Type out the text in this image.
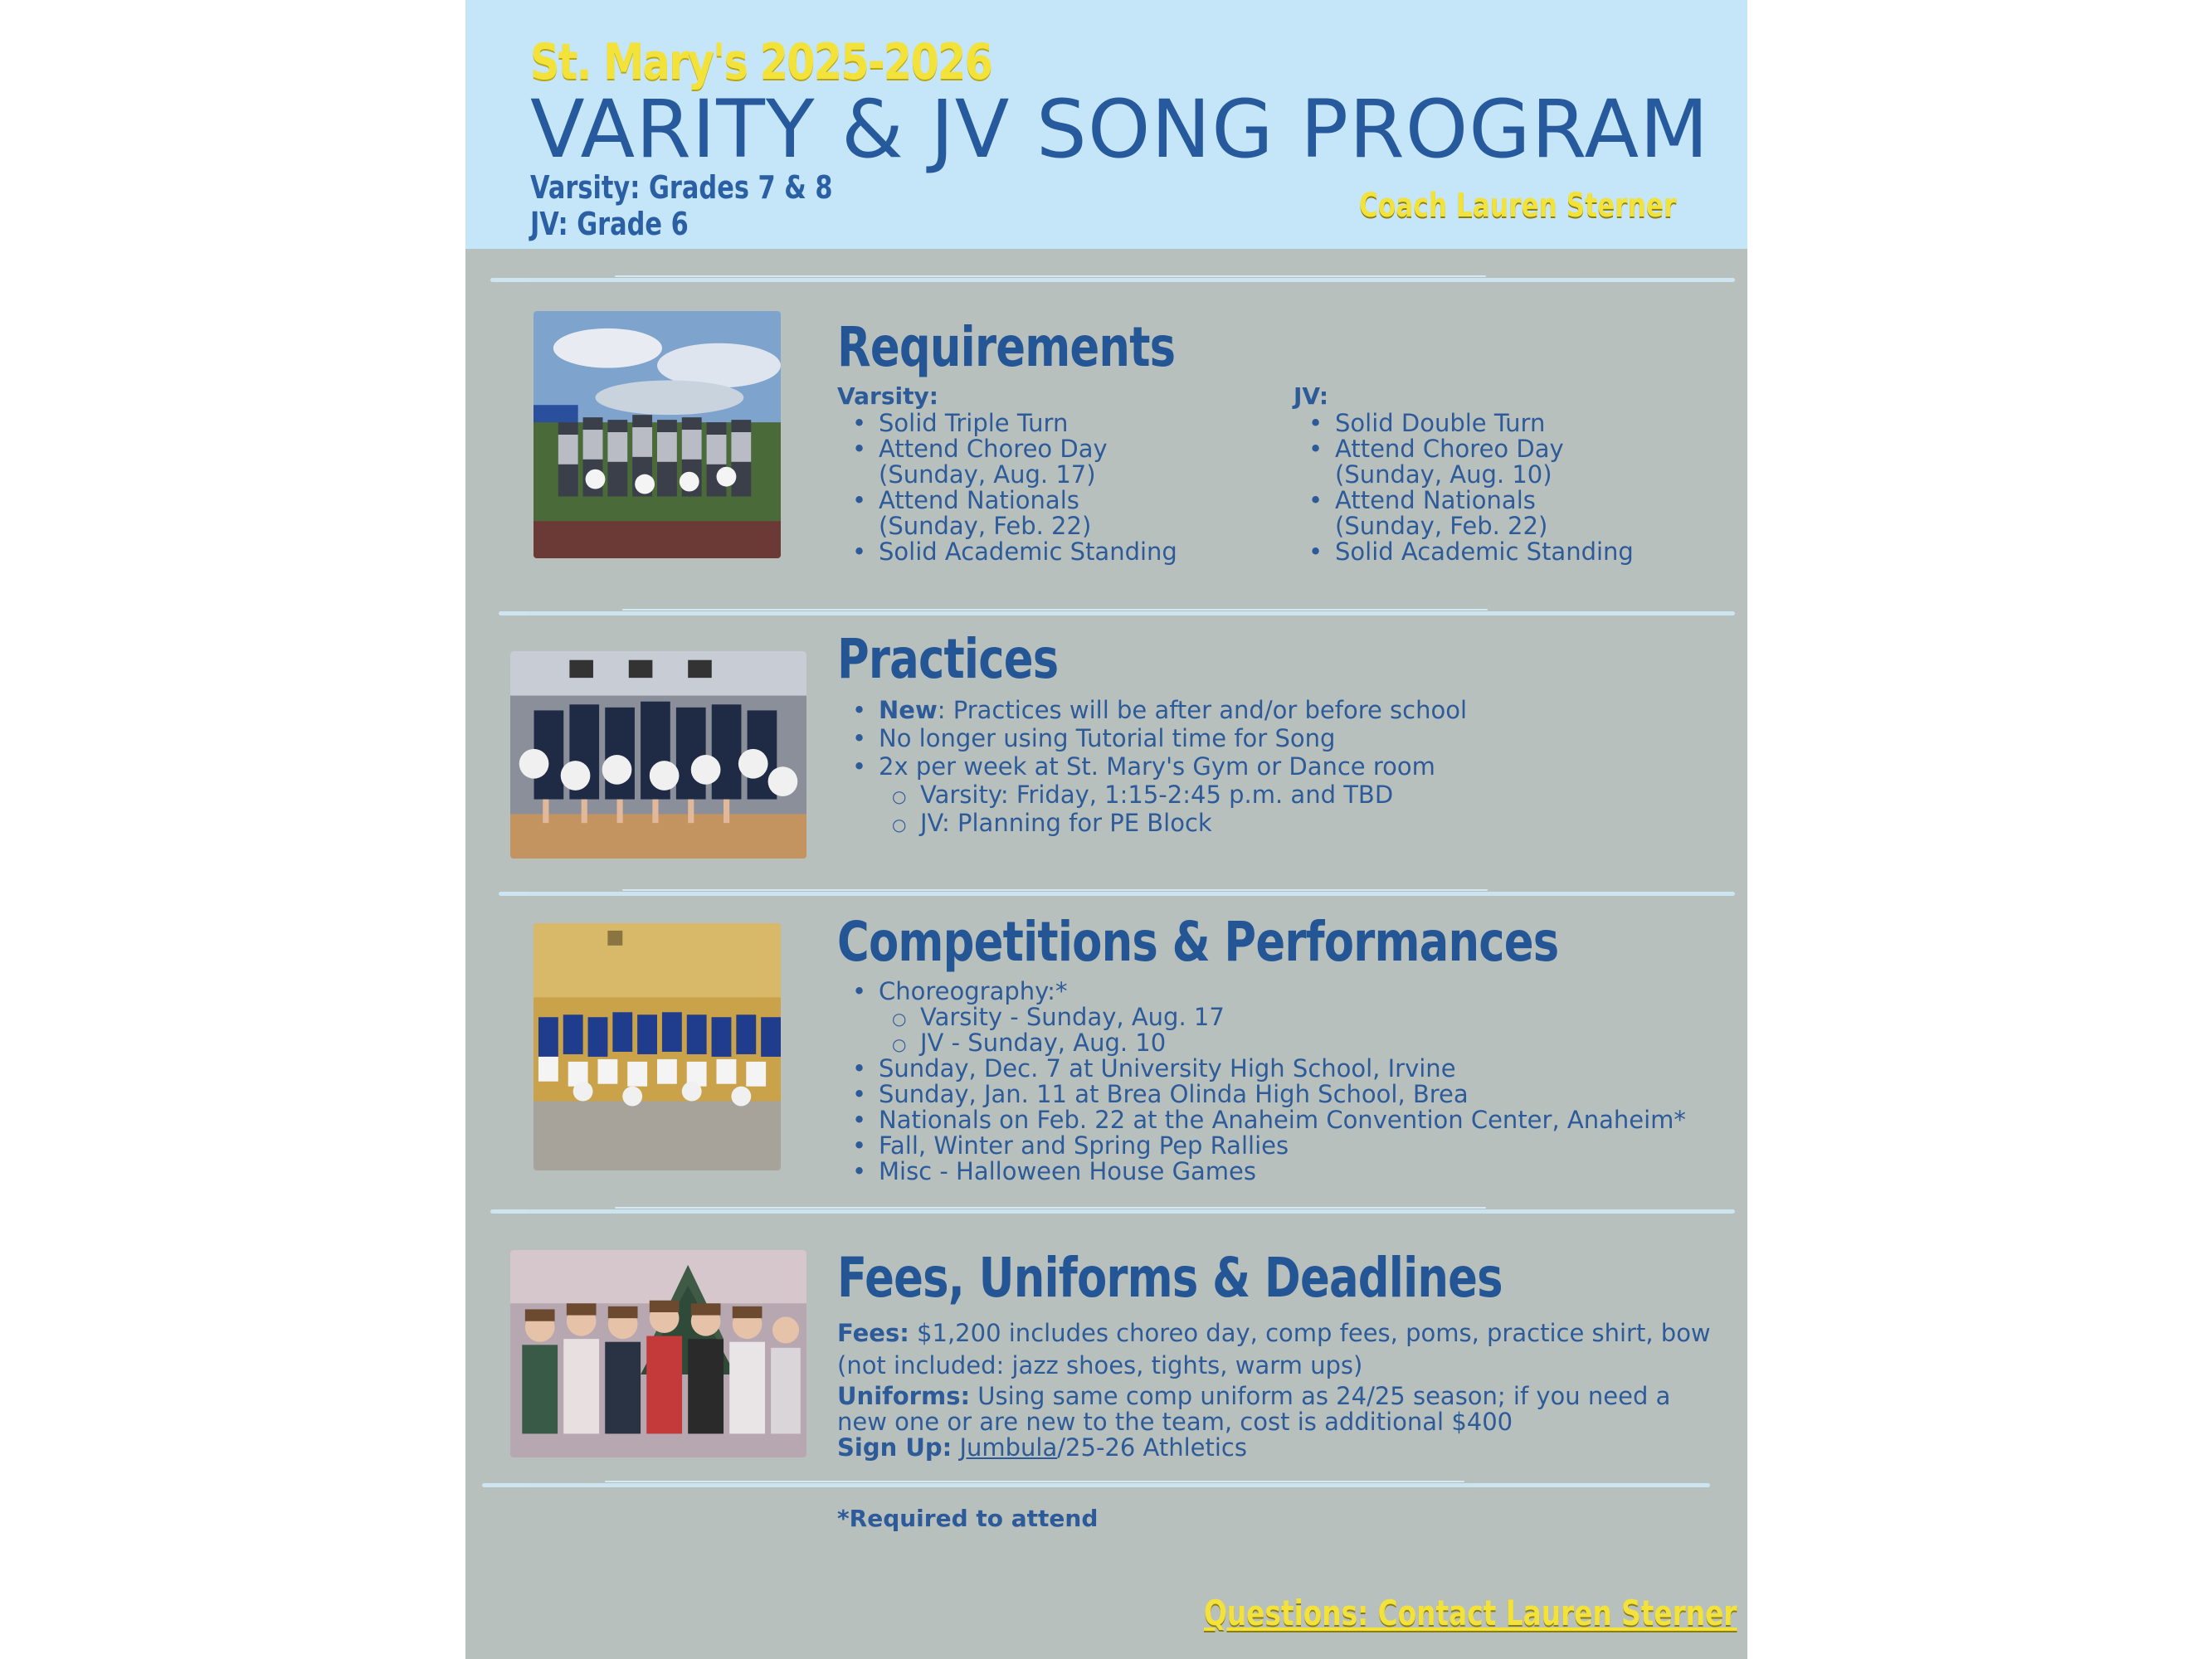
St. Mary's 2025-2026
VARITY & JV SONG PROGRAM
Varsity: Grades 7 & 8
JV: Grade 6	Coach Lauren Sterner
Requirements
Varsity:
• Solid Triple Turn
• Attend Choreo Day
(Sunday, Aug. 17)
• Attend Nationals
(Sunday, Feb. 22)
• Solid Academic Standing
JV:
• Solid Double Turn
• Attend Choreo Day
(Sunday, Aug. 10)
• Attend Nationals
(Sunday, Feb. 22)
• Solid Academic Standing
Practices
• New: Practices will be after and/or before school
• No longer using Tutorial time for Song
• 2x per week at St. Mary's Gym or Dance room
○ Varsity: Friday, 1:15-2:45 p.m. and TBD
○ JV: Planning for PE Block
Competitions & Performances
• Choreography:*
○ Varsity - Sunday, Aug. 17
○ JV - Sunday, Aug. 10
• Sunday, Dec. 7 at University High School, Irvine
• Sunday, Jan. 11 at Brea Olinda High School, Brea
• Nationals on Feb. 22 at the Anaheim Convention Center, Anaheim*
• Fall, Winter and Spring Pep Rallies
• Misc - Halloween House Games
Fees, Uniforms & Deadlines

Fees: $1,200 includes choreo day, comp fees, poms, practice shirt, bow

(not included: jazz shoes, tights, warm ups)

Uniforms: Using same comp uniform as 24/25 season; if you need a new one or are new to the team, cost is additional $400

Sign Up: Jumbula/25-26 Athletics

*Required to attend
Questions: Contact Lauren Sterner
